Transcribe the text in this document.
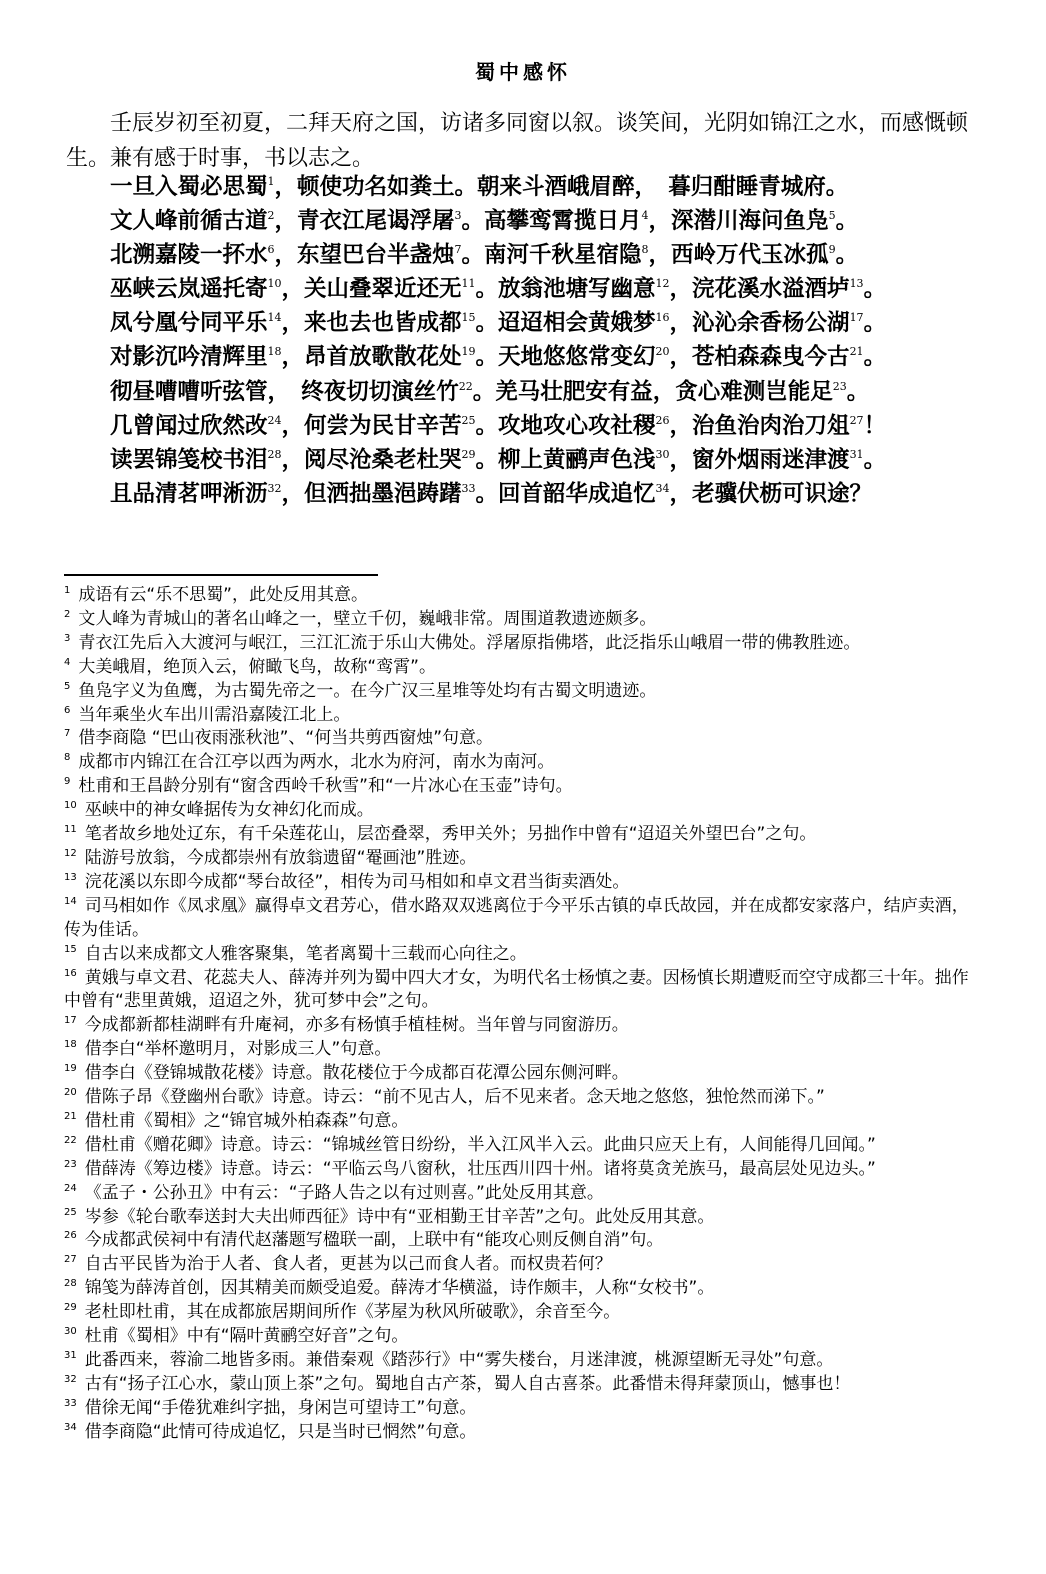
蜀中感怀

壬辰岁初至初夏，二拜天府之国，访诸多同窗以叙。谈笑间，光阴如锦江之水，而感慨顿生。兼有感于时事，书以志之。

一旦入蜀必思蜀$^1$，顿使功名如粪土。朝来斗酒峨眉醉，　暮归酣睡青城府。
文人峰前循古道$^2$，青衣江尾谒浮屠$^3$。高攀鸾霄揽日月$^4$，深潜川海问鱼凫$^5$。
北溯嘉陵一抔水$^6$，东望巴台半盏烛$^7$。南河千秋星宿隐$^8$，西岭万代玉冰孤$^9$。
巫峡云岚遥托寄$^{10}$，关山叠翠近还无$^{11}$。放翁池塘写幽意$^{12}$，浣花溪水溢酒垆$^{13}$。
凤兮凰兮同平乐$^{14}$，来也去也皆成都$^{15}$。迢迢相会黄娥梦$^{16}$，沁沁余香杨公湖$^{17}$。
对影沉吟清辉里$^{18}$，昂首放歌散花处$^{19}$。天地悠悠常变幻$^{20}$，苍柏森森曳今古$^{21}$。
彻昼嘈嘈听弦管，　终夜切切演丝竹$^{22}$。羌马壮肥安有益，贪心难测岂能足$^{23}$。
几曾闻过欣然改$^{24}$，何尝为民甘辛苦$^{25}$。攻地攻心攻社稷$^{26}$，治鱼治肉治刀俎$^{27}$！
读罢锦笺校书泪$^{28}$，阅尽沧桑老杜哭$^{29}$。柳上黄鹂声色浅$^{30}$，窗外烟雨迷津渡$^{31}$。
且品清茗呷淅沥$^{32}$，但洒拙墨浥踌躇$^{33}$。回首韶华成追忆$^{34}$，老骥伏枥可识途？
$^1$ 成语有云“乐不思蜀”，此处反用其意。
$^2$ 文人峰为青城山的著名山峰之一，壁立千仞，巍峨非常。周围道教遗迹颇多。
$^3$ 青衣江先后入大渡河与岷江，三江汇流于乐山大佛处。浮屠原指佛塔，此泛指乐山峨眉一带的佛教胜迹。
$^4$ 大美峨眉，绝顶入云，俯瞰飞鸟，故称“鸾霄”。
$^5$ 鱼凫字义为鱼鹰，为古蜀先帝之一。在今广汉三星堆等处均有古蜀文明遗迹。
$^6$ 当年乘坐火车出川需沿嘉陵江北上。
$^7$ 借李商隐 “巴山夜雨涨秋池”、“何当共剪西窗烛”句意。
$^8$ 成都市内锦江在合江亭以西为两水，北水为府河，南水为南河。
$^9$ 杜甫和王昌龄分别有“窗含西岭千秋雪”和“一片冰心在玉壶”诗句。
$^{10}$ 巫峡中的神女峰据传为女神幻化而成。
$^{11}$ 笔者故乡地处辽东，有千朵莲花山，层峦叠翠，秀甲关外；另拙作中曾有“迢迢关外望巴台”之句。
$^{12}$ 陆游号放翁，今成都崇州有放翁遗留“罨画池”胜迹。
$^{13}$ 浣花溪以东即今成都“琴台故径”，相传为司马相如和卓文君当街卖酒处。
$^{14}$ 司马相如作《凤求凰》赢得卓文君芳心，借水路双双逃离位于今平乐古镇的卓氏故园，并在成都安家落户，结庐卖酒，传为佳话。
$^{15}$ 自古以来成都文人雅客聚集，笔者离蜀十三载而心向往之。
$^{16}$ 黄娥与卓文君、花蕊夫人、薛涛并列为蜀中四大才女，为明代名士杨慎之妻。因杨慎长期遭贬而空守成都三十年。拙作中曾有“悲里黄娥，迢迢之外，犹可梦中会”之句。
$^{17}$ 今成都新都桂湖畔有升庵祠，亦多有杨慎手植桂树。当年曾与同窗游历。
$^{18}$ 借李白“举杯邀明月，对影成三人”句意。
$^{19}$ 借李白《登锦城散花楼》诗意。散花楼位于今成都百花潭公园东侧河畔。
$^{20}$ 借陈子昂《登幽州台歌》诗意。诗云：“前不见古人，后不见来者。念天地之悠悠，独怆然而涕下。”
$^{21}$ 借杜甫《蜀相》之“锦官城外柏森森”句意。
$^{22}$ 借杜甫《赠花卿》诗意。诗云：“锦城丝管日纷纷，半入江风半入云。此曲只应天上有，人间能得几回闻。”
$^{23}$ 借薛涛《筹边楼》诗意。诗云：“平临云鸟八窗秋，壮压西川四十州。诸将莫贪羌族马，最高层处见边头。”
$^{24}$ 《孟子・公孙丑》中有云：“子路人告之以有过则喜。”此处反用其意。
$^{25}$ 岑参《轮台歌奉送封大夫出师西征》诗中有“亚相勤王甘辛苦”之句。此处反用其意。
$^{26}$ 今成都武侯祠中有清代赵藩题写楹联一副，上联中有“能攻心则反侧自消”句。
$^{27}$ 自古平民皆为治于人者、食人者，更甚为以己而食人者。而权贵若何？
$^{28}$ 锦笺为薛涛首创，因其精美而颇受追爱。薛涛才华横溢，诗作颇丰，人称“女校书”。
$^{29}$ 老杜即杜甫，其在成都旅居期间所作《茅屋为秋风所破歌》，余音至今。
$^{30}$ 杜甫《蜀相》中有“隔叶黄鹂空好音”之句。
$^{31}$ 此番西来，蓉渝二地皆多雨。兼借秦观《踏莎行》中“雾失楼台，月迷津渡，桃源望断无寻处”句意。
$^{32}$ 古有“扬子江心水，蒙山顶上茶”之句。蜀地自古产茶，蜀人自古喜茶。此番惜未得拜蒙顶山，憾事也！
$^{33}$ 借徐无闻“手倦犹难纠字拙，身闲岂可望诗工”句意。
$^{34}$ 借李商隐“此情可待成追忆，只是当时已惘然”句意。
